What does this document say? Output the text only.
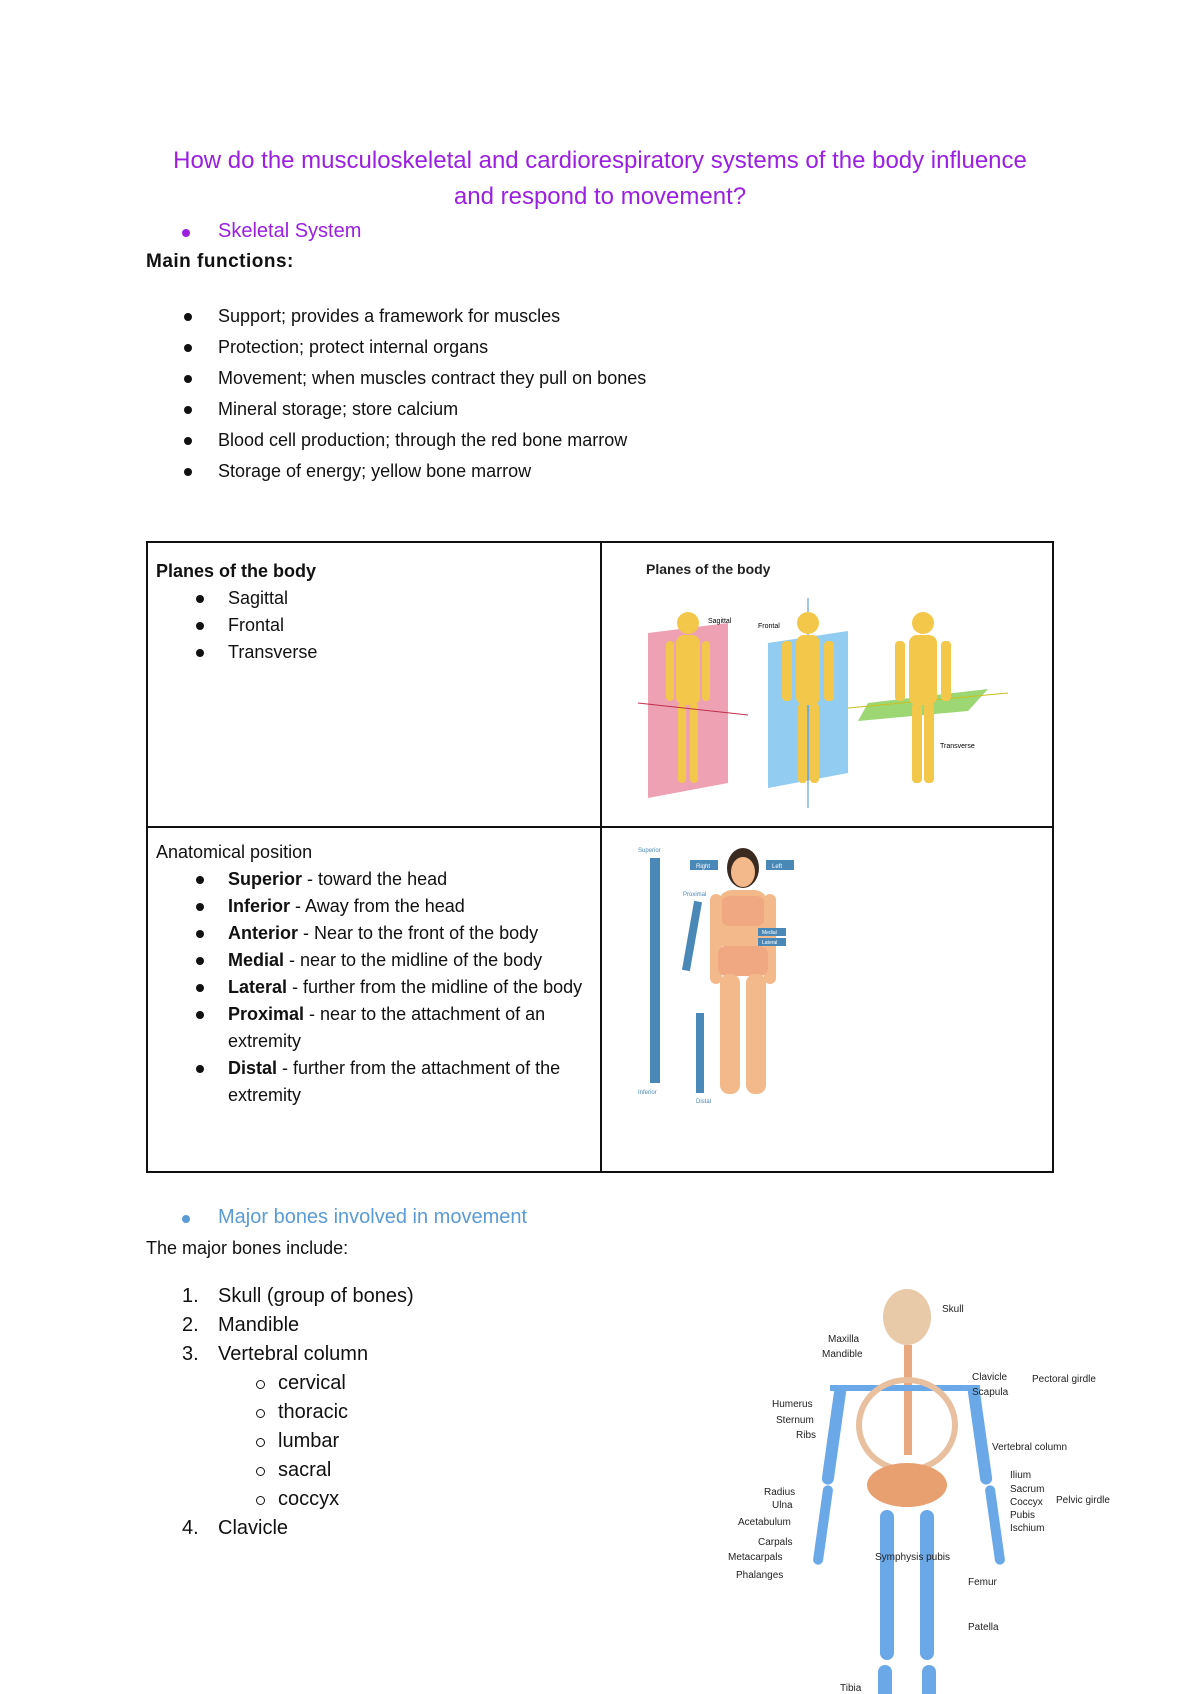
How do the musculoskeletal and cardiorespiratory systems of the body influence and respond to movement?
Skeletal System
Main functions:
Support; provides a framework for muscles
Protection; protect internal organs
Movement; when muscles contract they pull on bones
Mineral storage; store calcium
Blood cell production; through the red bone marrow
Storage of energy; yellow bone marrow
Planes of the body
Sagittal
Frontal
Transverse
Planes of the body
Sagittal
Frontal
Transverse
Anatomical position
Superior - toward the head
Inferior - Away from the head
Anterior - Near to the front of the body
Medial - near to the midline of the body
Lateral - further from the midline of the body
Proximal - near to the attachment of an extremity
Distal - further from the attachment of the extremity
Superior
Inferior
Proximal
Distal
Right	Left
Medial
Lateral
Major bones involved in movement
The major bones include:
1. Skull (group of bones)
2. Mandible
3. Vertebral column
cervical
thoracic
lumbar
sacral
coccyx
4. Clavicle
Skull
Maxilla
Mandible
Clavicle
Scapula
Pectoral girdle
Humerus
Sternum
Ribs
Vertebral column
Ilium
Sacrum
Coccyx
Pubis
Ischium
Pelvic girdle
Radius
Ulna
Acetabulum
Carpals
Metacarpals
Phalanges
Symphysis pubis
Femur
Patella
Tibia
